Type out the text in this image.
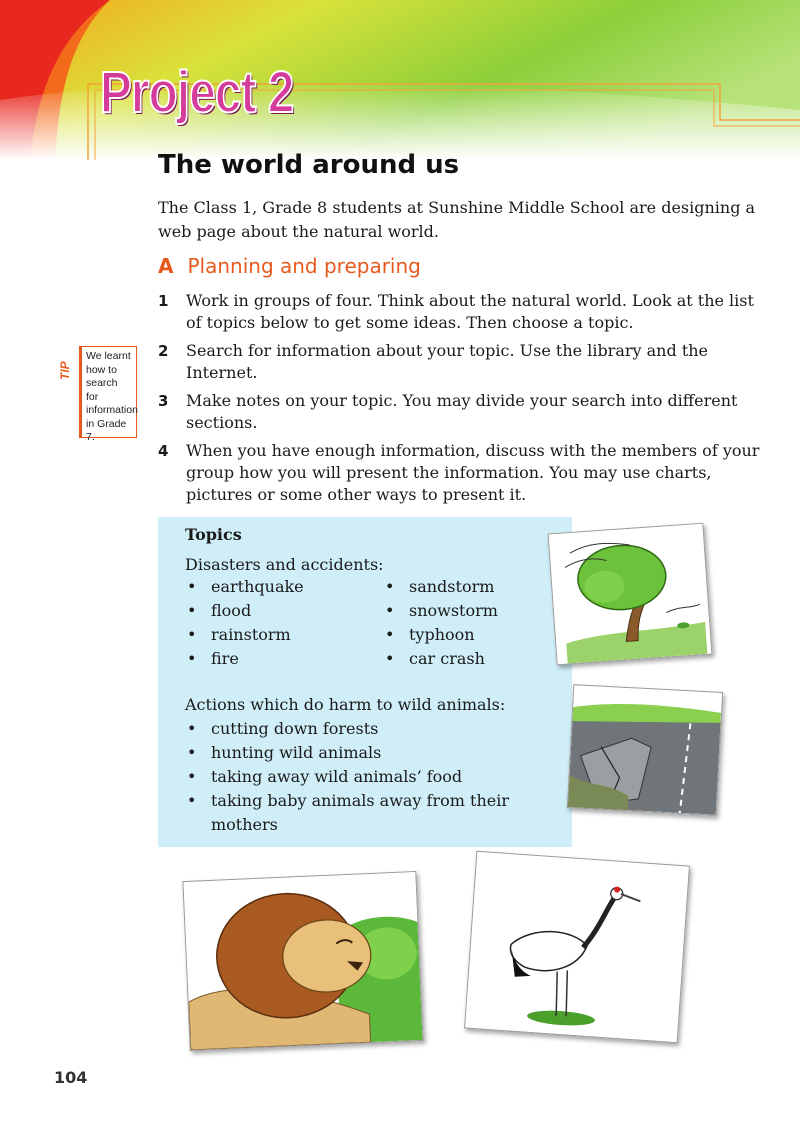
Project 2
The world around us
The Class 1, Grade 8 students at Sunshine Middle School are designing a web page about the natural world.
A Planning and preparing
1 Work in groups of four. Think about the natural world. Look at the list of topics below to get some ideas. Then choose a topic.
2 Search for information about your topic. Use the library and the Internet.
3 Make notes on your topic. You may divide your search into different sections.
4 When you have enough information, discuss with the members of your group how you will present the information. You may use charts, pictures or some other ways to present it.
TIP
We learnt how to search for information in Grade 7.
Topics
Disasters and accidents:
• earthquake
• flood
• rainstorm
• fire
• sandstorm
• snowstorm
• typhoon
• car crash
Actions which do harm to wild animals:
• cutting down forests
• hunting wild animals
• taking away wild animals’ food
• taking baby animals away from their mothers
104
